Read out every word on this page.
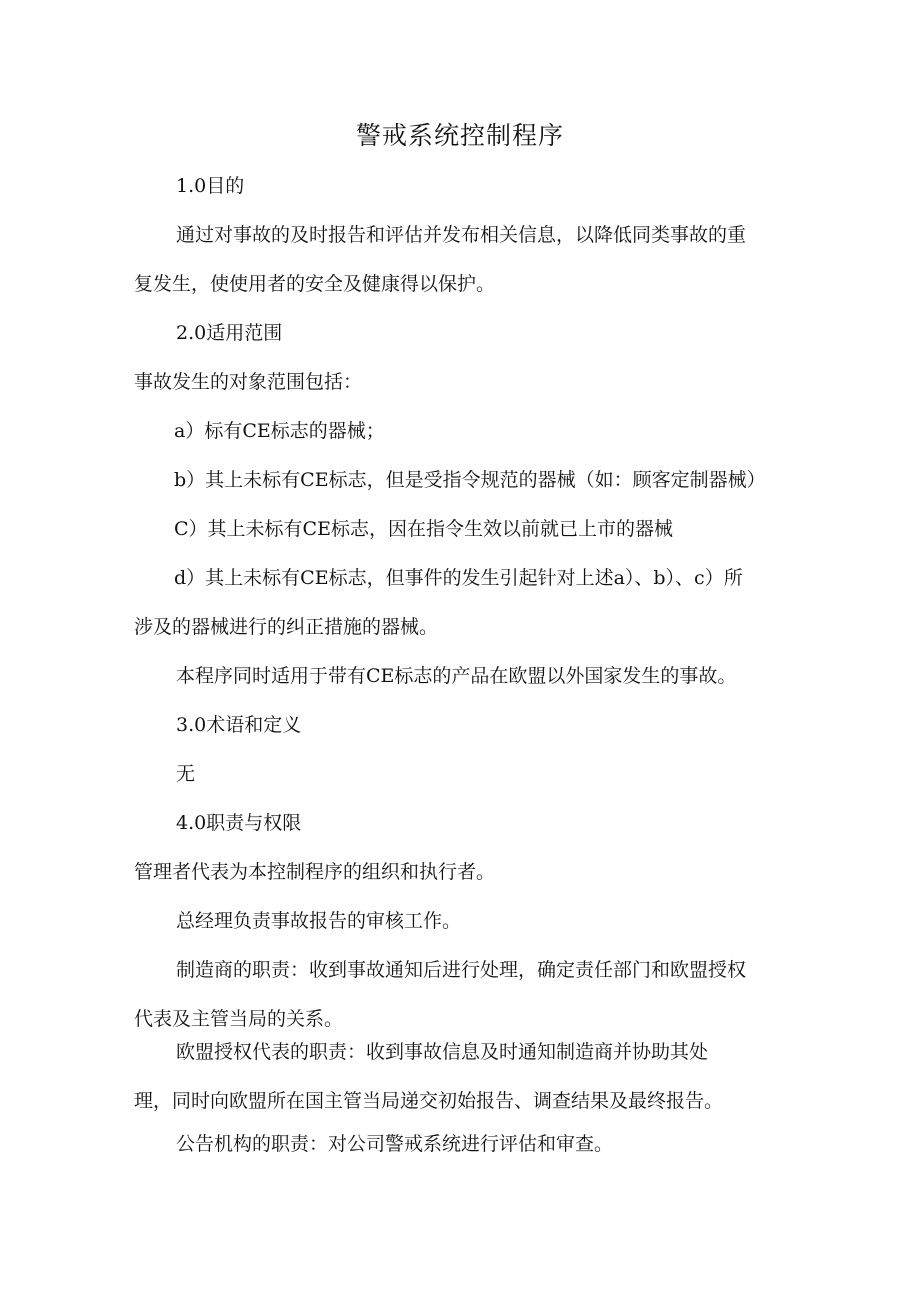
警戒系统控制程序

1.0目的

通过对事故的及时报告和评估并发布相关信息，以降低同类事故的重

复发生，使使用者的安全及健康得以保护。

2.0适用范围

事故发生的对象范围包括：

a）标有CE标志的器械；

b）其上未标有CE标志，但是受指令规范的器械（如：顾客定制器械）

C）其上未标有CE标志，因在指令生效以前就已上市的器械

d）其上未标有CE标志，但事件的发生引起针对上述a）、b）、c）所

涉及的器械进行的纠正措施的器械。

本程序同时适用于带有CE标志的产品在欧盟以外国家发生的事故。

3.0术语和定义

无

4.0职责与权限

管理者代表为本控制程序的组织和执行者。

总经理负责事故报告的审核工作。

制造商的职责：收到事故通知后进行处理，确定责任部门和欧盟授权

代表及主管当局的关系。

欧盟授权代表的职责：收到事故信息及时通知制造商并协助其处

理，同时向欧盟所在国主管当局递交初始报告、调查结果及最终报告。

公告机构的职责：对公司警戒系统进行评估和审查。
